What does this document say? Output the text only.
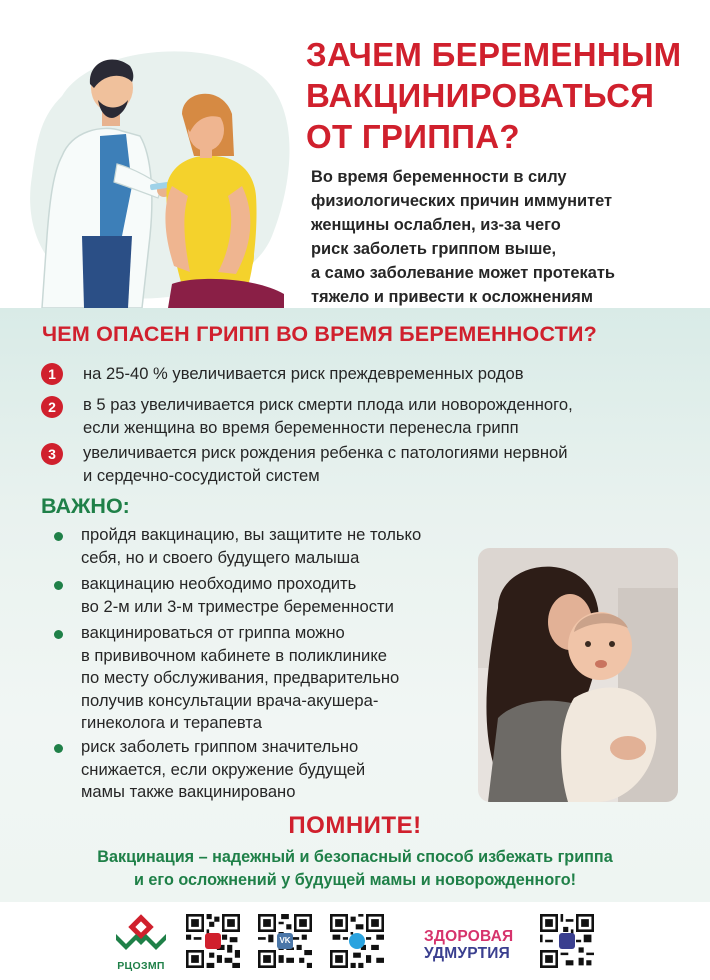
ЗАЧЕМ БЕРЕМЕННЫМ
ВАКЦИНИРОВАТЬСЯ
ОТ ГРИППА?
Во время беременности в силу
физиологических причин иммунитет
женщины ослаблен, из-за чего
риск заболеть гриппом выше,
а само заболевание может протекать
тяжело и привести к осложнениям
ЧЕМ ОПАСЕН ГРИПП ВО ВРЕМЯ БЕРЕМЕННОСТИ?
1	на 25-40 % увеличивается риск преждевременных родов
2	в 5 раз увеличивается риск смерти плода или новорожденного,
если женщина во время беременности перенесла грипп
3	увеличивается риск рождения ребенка с патологиями нервной
и сердечно-сосудистой систем
ВАЖНО:
пройдя вакцинацию, вы защитите не только
себя, но и своего будущего малыша
вакцинацию необходимо проходить
во 2-м или 3-м триместре беременности
вакцинироваться от гриппа можно
в прививочном кабинете в поликлинике
по месту обслуживания, предварительно
получив консультации врача-акушера-
гинеколога и терапевта
риск заболеть гриппом значительно
снижается, если окружение будущей
мамы также вакцинировано
ПОМНИТЕ!
Вакцинация – надежный и безопасный способ избежать гриппа
и его осложнений у будущей мамы и новорожденного!
РЦОЗМП
VK	ЗДОРОВАЯ
УДМУРТИЯ
